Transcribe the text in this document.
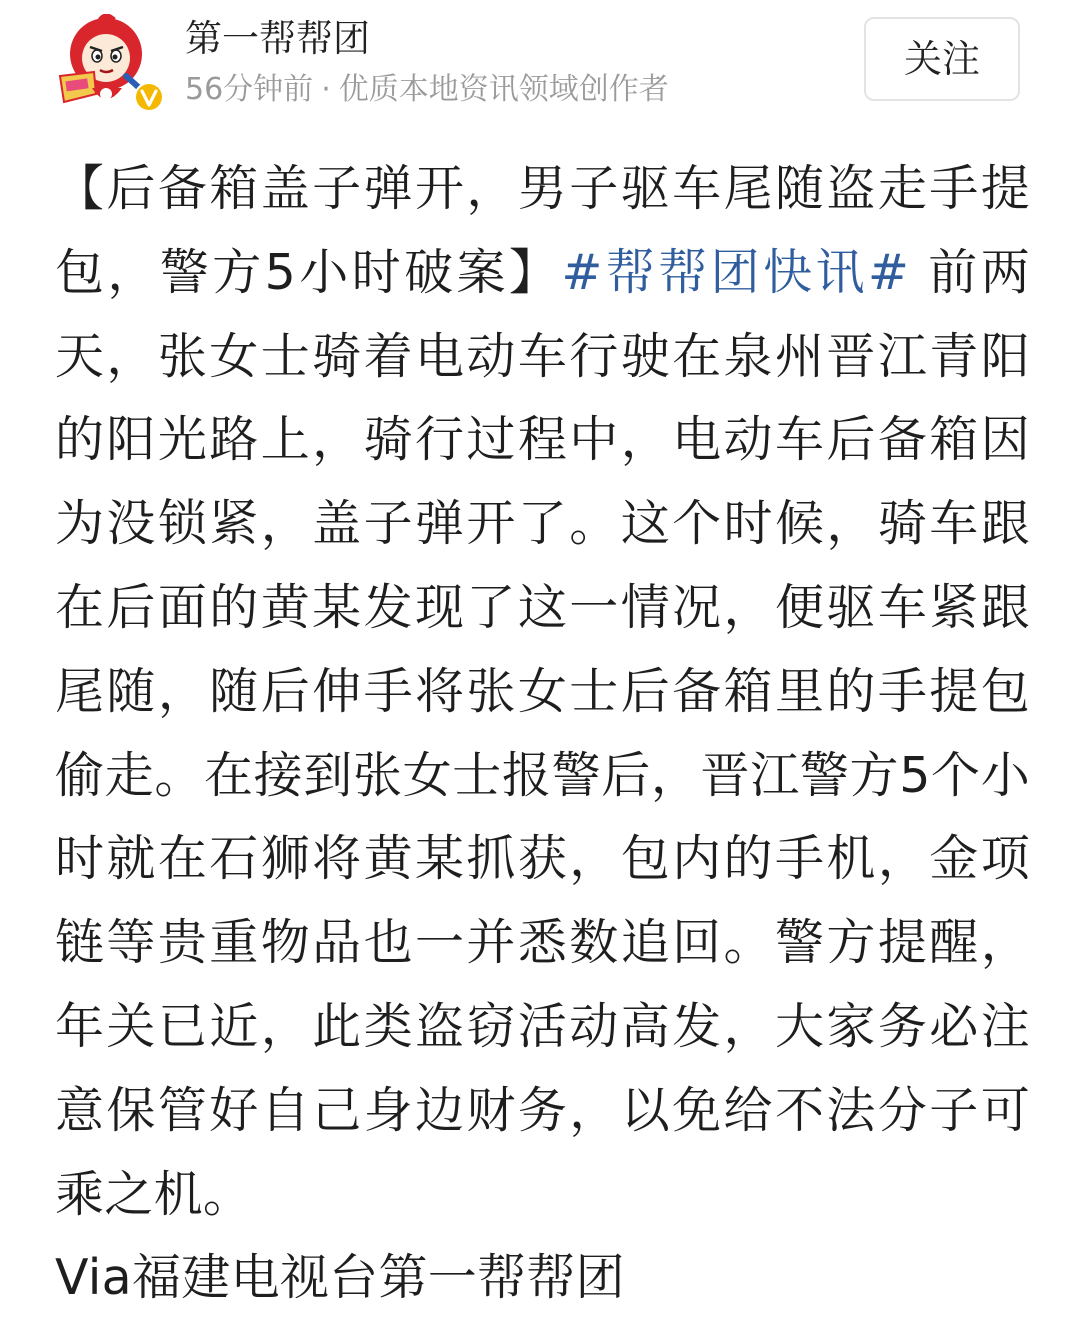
第一帮帮团
56分钟前 · 优质本地资讯领域创作者
关注

【后备箱盖子弹开，男子驱车尾随盗走手提包，警方5小时破案】#帮帮团快讯# 前两天，张女士骑着电动车行驶在泉州晋江青阳的阳光路上，骑行过程中，电动车后备箱因为没锁紧，盖子弹开了。这个时候，骑车跟在后面的黄某发现了这一情况，便驱车紧跟尾随，随后伸手将张女士后备箱里的手提包偷走。在接到张女士报警后，晋江警方5个小时就在石狮将黄某抓获，包内的手机，金项链等贵重物品也一并悉数追回。警方提醒，年关已近，此类盗窃活动高发，大家务必注意保管好自己身边财务，以免给不法分子可乘之机。

Via福建电视台第一帮帮团
